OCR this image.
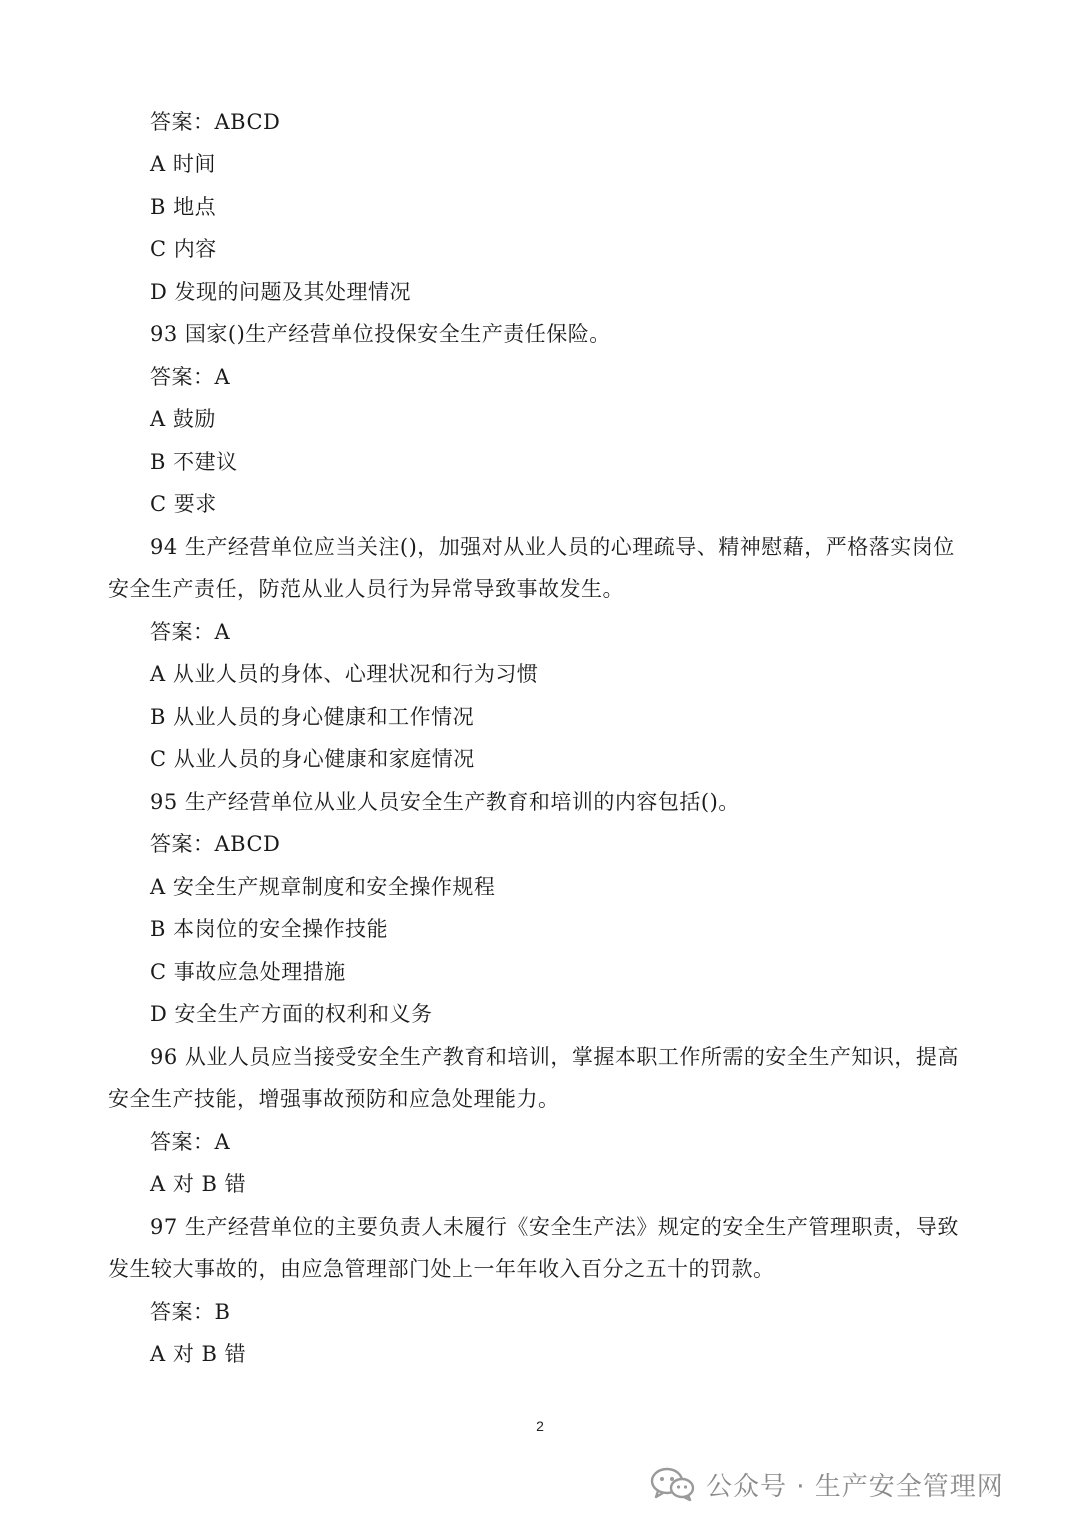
答案：ABCD
A 时间
B 地点
C 内容
D 发现的问题及其处理情况
93 国家()生产经营单位投保安全生产责任保险。
答案：A
A 鼓励
B 不建议
C 要求
94 生产经营单位应当关注()，加强对从业人员的心理疏导、精神慰藉，严格落实岗位
安全生产责任，防范从业人员行为异常导致事故发生。
答案：A
A 从业人员的身体、心理状况和行为习惯
B 从业人员的身心健康和工作情况
C 从业人员的身心健康和家庭情况
95 生产经营单位从业人员安全生产教育和培训的内容包括()。
答案：ABCD
A 安全生产规章制度和安全操作规程
B 本岗位的安全操作技能
C 事故应急处理措施
D 安全生产方面的权利和义务
96 从业人员应当接受安全生产教育和培训，掌握本职工作所需的安全生产知识，提高
安全生产技能，增强事故预防和应急处理能力。
答案：A
A 对 B 错
97 生产经营单位的主要负责人未履行《安全生产法》规定的安全生产管理职责，导致
发生较大事故的，由应急管理部门处上一年年收入百分之五十的罚款。
答案：B
A 对 B 错
2
公众号 · 生产安全管理网
